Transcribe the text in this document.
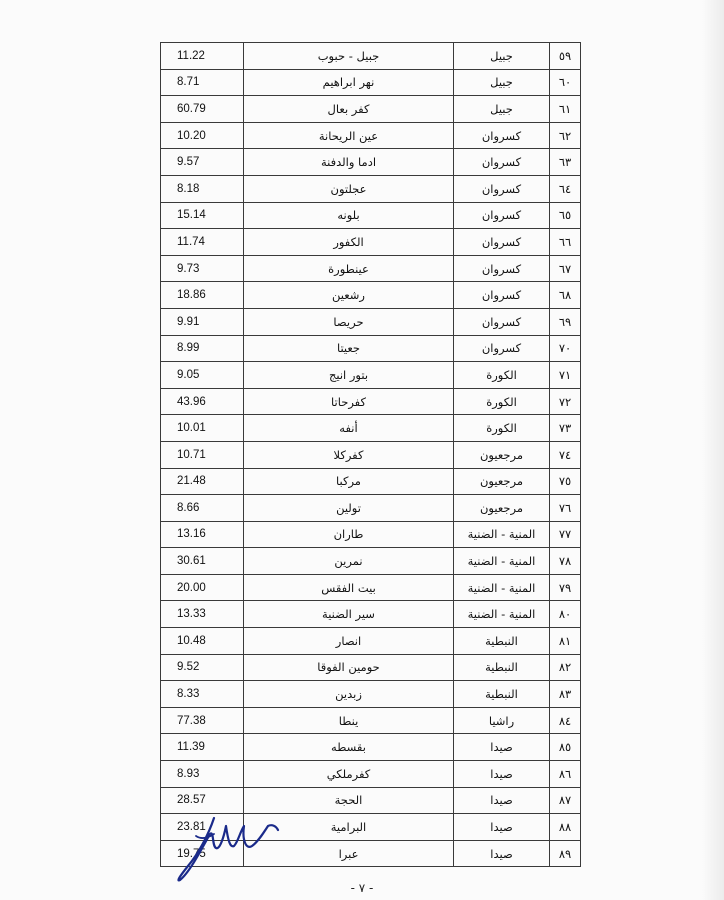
11.22	جبيل - حبوب	جبيل	٥٩
8.71	نهر ابراهيم	جبيل	٦٠
60.79	كفر بعال	جبيل	٦١
10.20	عين الريحانة	كسروان	٦٢
9.57	ادما والدفنة	كسروان	٦٣
8.18	عجلتون	كسروان	٦٤
15.14	بلونه	كسروان	٦٥
11.74	الكفور	كسروان	٦٦
9.73	عينطورة	كسروان	٦٧
18.86	رشعين	كسروان	٦٨
9.91	حريصا	كسروان	٦٩
8.99	جعيتا	كسروان	٧٠
9.05	بتور انيج	الكورة	٧١
43.96	كفرحاتا	الكورة	٧٢
10.01	أنفه	الكورة	٧٣
10.71	كفركلا	مرجعيون	٧٤
21.48	مركبا	مرجعيون	٧٥
8.66	تولين	مرجعيون	٧٦
13.16	طاران	المنية - الضنية	٧٧
30.61	نمرين	المنية - الضنية	٧٨
20.00	بيت الفقس	المنية - الضنية	٧٩
13.33	سير الضنية	المنية - الضنية	٨٠
10.48	انصار	النبطية	٨١
9.52	حومين الفوقا	النبطية	٨٢
8.33	زبدين	النبطية	٨٣
77.38	ينطا	راشيا	٨٤
11.39	بقسطه	صيدا	٨٥
8.93	كفرملكي	صيدا	٨٦
28.57	الحجة	صيدا	٨٧
23.81	البرامية	صيدا	٨٨
19.75	عبرا	صيدا	٨٩
- ٧ -
